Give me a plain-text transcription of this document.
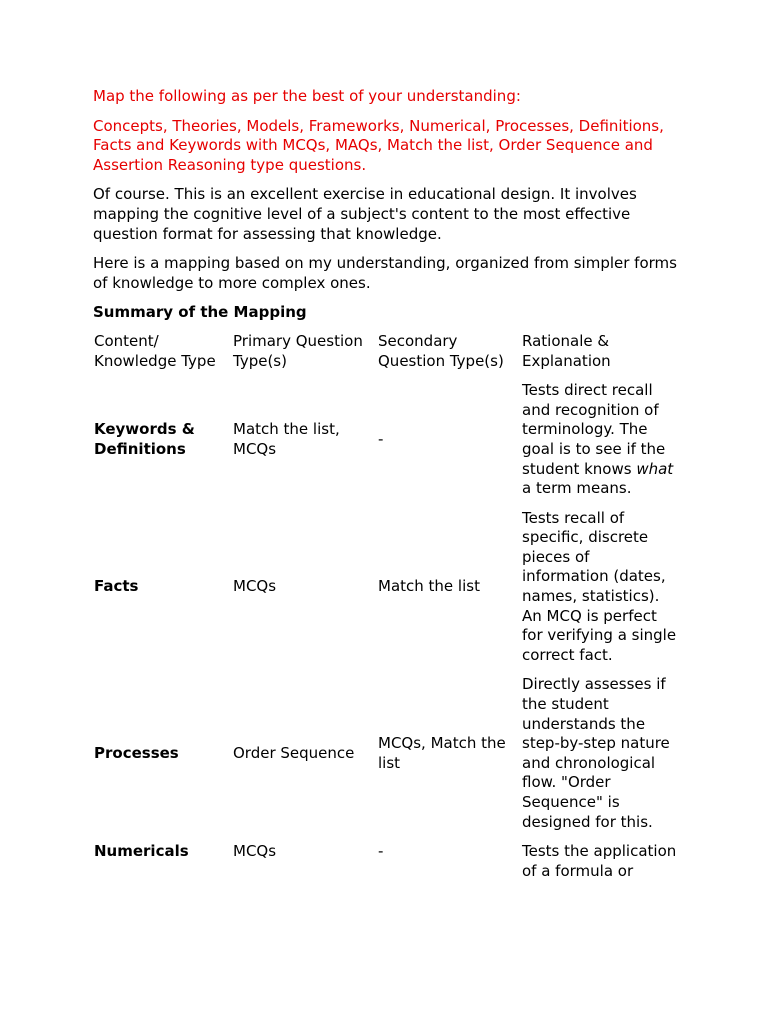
Map the following as per the best of your understanding:

Concepts, Theories, Models, Frameworks, Numerical, Processes, Definitions, Facts and Keywords with MCQs, MAQs, Match the list, Order Sequence and Assertion Reasoning type questions.

Of course. This is an excellent exercise in educational design. It involves mapping the cognitive level of a subject's content to the most effective question format for assessing that knowledge.

Here is a mapping based on my understanding, organized from simpler forms of knowledge to more complex ones.

Summary of the Mapping

Content/ Knowledge Type	Primary Question Type(s)	Secondary Question Type(s)	Rationale & Explanation
Keywords & Definitions	Match the list, MCQs	-	Tests direct recall and recognition of terminology. The goal is to see if the student knows what a term means.
Facts	MCQs	Match the list	Tests recall of specific, discrete pieces of information (dates, names, statistics). An MCQ is perfect for verifying a single correct fact.
Processes	Order Sequence	MCQs, Match the list	Directly assesses if the student understands the step-by-step nature and chronological flow. "Order Sequence" is designed for this.
Numericals	MCQs	-	Tests the application of a formula or
